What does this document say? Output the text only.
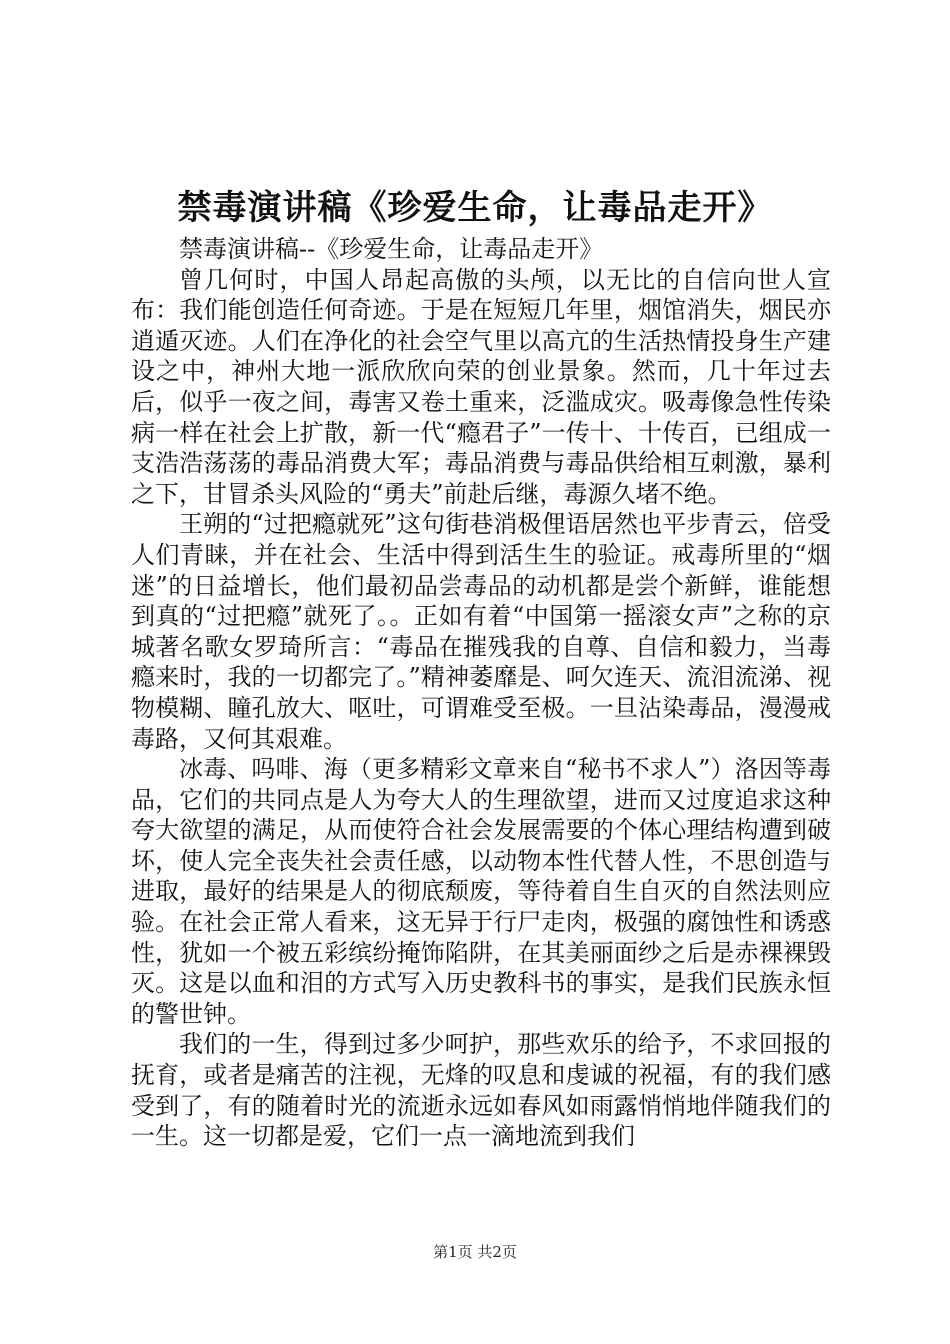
禁毒演讲稿《珍爱生命，让毒品走开》

禁毒演讲稿--《珍爱生命，让毒品走开》

曾几何时，中国人昂起高傲的头颅，以无比的自信向世人宣布：我们能创造任何奇迹。于是在短短几年里，烟馆消失，烟民亦逍遁灭迹。人们在净化的社会空气里以高亢的生活热情投身生产建设之中，神州大地一派欣欣向荣的创业景象。然而，几十年过去后，似乎一夜之间，毒害又卷土重来，泛滥成灾。吸毒像急性传染病一样在社会上扩散，新一代“瘾君子”一传十、十传百，已组成一支浩浩荡荡的毒品消费大军；毒品消费与毒品供给相互刺激，暴利之下，甘冒杀头风险的“勇夫”前赴后继，毒源久堵不绝。

王朔的“过把瘾就死”这句街巷消极俚语居然也平步青云，倍受人们青睐，并在社会、生活中得到活生生的验证。戒毒所里的“烟迷”的日益增长，他们最初品尝毒品的动机都是尝个新鲜，谁能想到真的“过把瘾”就死了。。正如有着“中国第一摇滚女声”之称的京城著名歌女罗琦所言：“毒品在摧残我的自尊、自信和毅力，当毒瘾来时，我的一切都完了。”精神萎靡是、呵欠连天、流泪流涕、视物模糊、瞳孔放大、呕吐，可谓难受至极。一旦沾染毒品，漫漫戒毒路，又何其艰难。

冰毒、吗啡、海（更多精彩文章来自“秘书不求人”）洛因等毒品，它们的共同点是人为夸大人的生理欲望，进而又过度追求这种夸大欲望的满足，从而使符合社会发展需要的个体心理结构遭到破坏，使人完全丧失社会责任感，以动物本性代替人性，不思创造与进取，最好的结果是人的彻底颓废，等待着自生自灭的自然法则应验。在社会正常人看来，这无异于行尸走肉，极强的腐蚀性和诱惑性，犹如一个被五彩缤纷掩饰陷阱，在其美丽面纱之后是赤裸裸毁灭。这是以血和泪的方式写入历史教科书的事实，是我们民族永恒的警世钟。

我们的一生，得到过多少呵护，那些欢乐的给予，不求回报的抚育，或者是痛苦的注视，无烽的叹息和虔诚的祝福，有的我们感受到了，有的随着时光的流逝永远如春风如雨露悄悄地伴随我们的一生。这一切都是爱，它们一点一滴地流到我们

第1页 共2页
